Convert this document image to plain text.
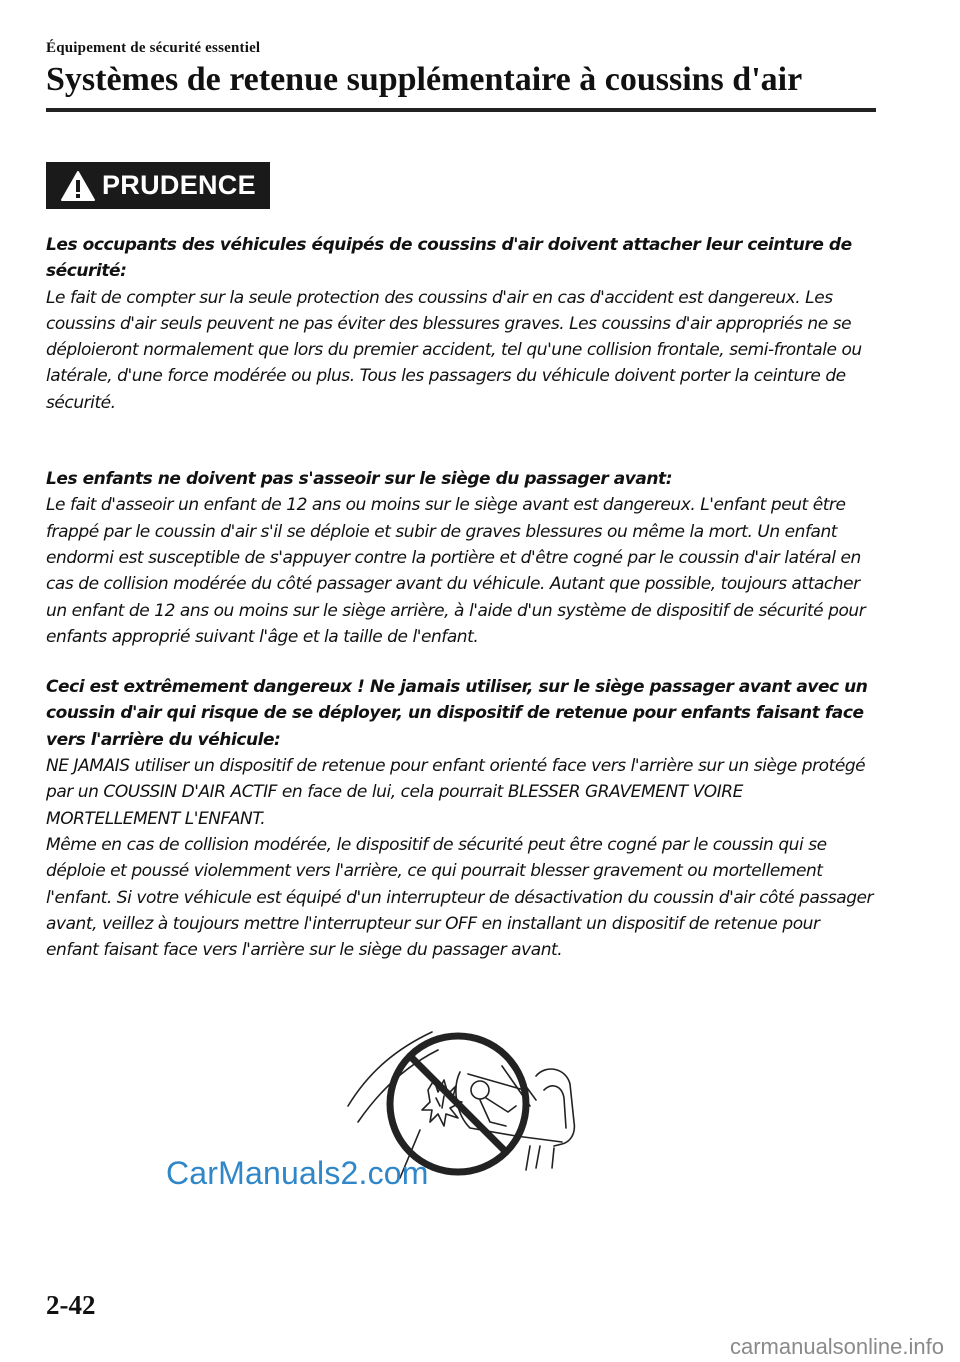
Équipement de sécurité essentiel
Systèmes de retenue supplémentaire à coussins d'air
PRUDENCE

Les occupants des véhicules équipés de coussins d'air doivent attacher leur ceinture de sécurité:

Le fait de compter sur la seule protection des coussins d'air en cas d'accident est dangereux. Les coussins d'air seuls peuvent ne pas éviter des blessures graves. Les coussins d'air appropriés ne se déploieront normalement que lors du premier accident, tel qu'une collision frontale, semi-frontale ou latérale, d'une force modérée ou plus. Tous les passagers du véhicule doivent porter la ceinture de sécurité.

Les enfants ne doivent pas s'asseoir sur le siège du passager avant:

Le fait d'asseoir un enfant de 12 ans ou moins sur le siège avant est dangereux. L'enfant peut être frappé par le coussin d'air s'il se déploie et subir de graves blessures ou même la mort. Un enfant endormi est susceptible de s'appuyer contre la portière et d'être cogné par le coussin d'air latéral en cas de collision modérée du côté passager avant du véhicule. Autant que possible, toujours attacher un enfant de 12 ans ou moins sur le siège arrière, à l'aide d'un système de dispositif de sécurité pour enfants approprié suivant l'âge et la taille de l'enfant.

Ceci est extrêmement dangereux ! Ne jamais utiliser, sur le siège passager avant avec un coussin d'air qui risque de se déployer, un dispositif de retenue pour enfants faisant face vers l'arrière du véhicule:

NE JAMAIS utiliser un dispositif de retenue pour enfant orienté face vers l'arrière sur un siège protégé par un COUSSIN D'AIR ACTIF en face de lui, cela pourrait BLESSER GRAVEMENT VOIRE MORTELLEMENT L'ENFANT.

Même en cas de collision modérée, le dispositif de sécurité peut être cogné par le coussin qui se déploie et poussé violemment vers l'arrière, ce qui pourrait blesser gravement ou mortellement l'enfant. Si votre véhicule est équipé d'un interrupteur de désactivation du coussin d'air côté passager avant, veillez à toujours mettre l'interrupteur sur OFF en installant un dispositif de retenue pour enfant faisant face vers l'arrière sur le siège du passager avant.

CarManuals2.com
2-42
carmanualsonline.info
